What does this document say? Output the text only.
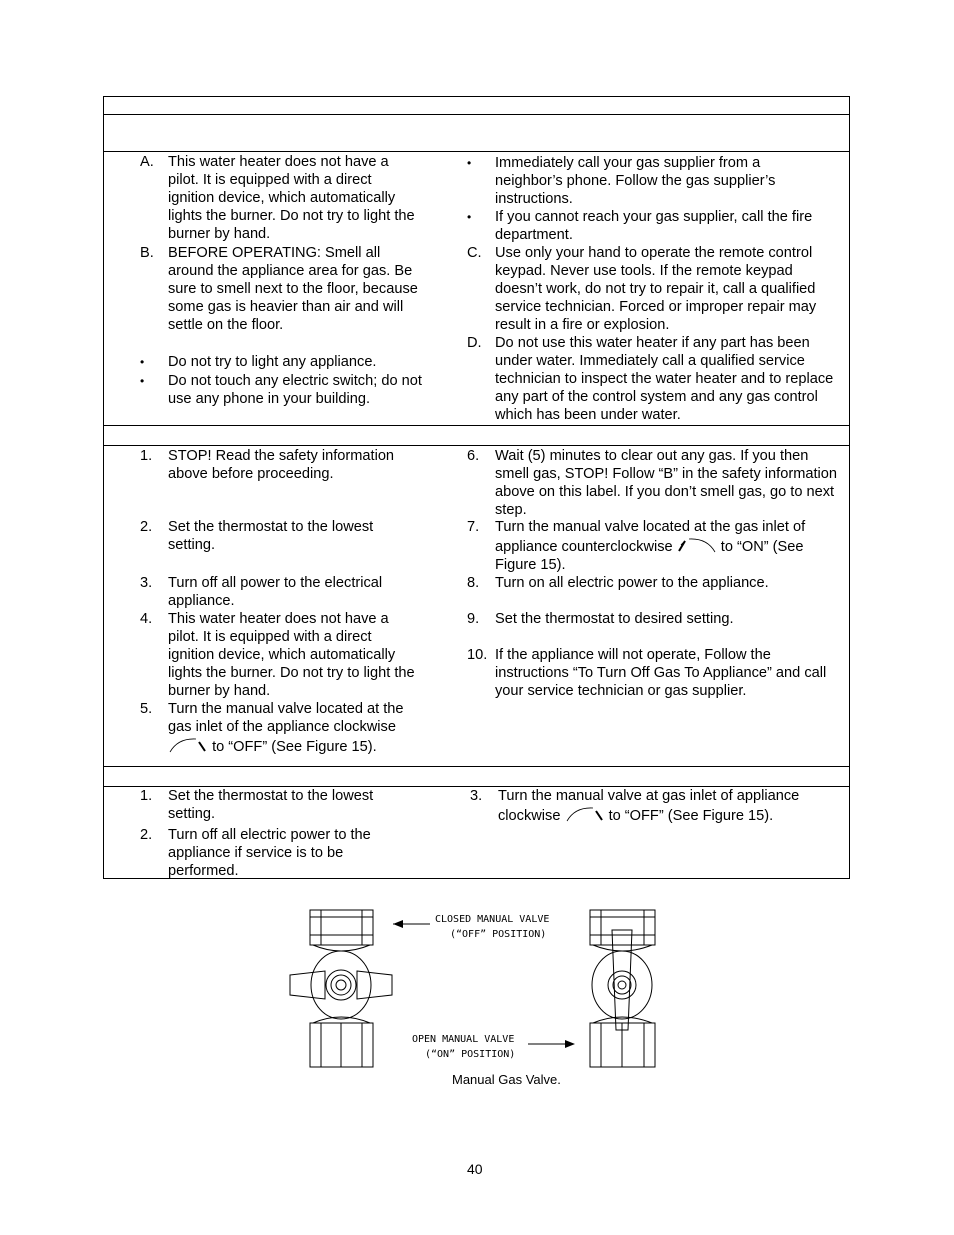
A. This water heater does not have a pilot. It is equipped with a direct ignition device, which automatically lights the burner. Do not try to light the burner by hand.
B. BEFORE OPERATING: Smell all around the appliance area for gas. Be sure to smell next to the floor, because some gas is heavier than air and will settle on the floor.
• Do not try to light any appliance.
• Do not touch any electric switch; do not use any phone in your building.
• Immediately call your gas supplier from a neighbor’s phone. Follow the gas supplier’s instructions.
• If you cannot reach your gas supplier, call the fire department.
C. Use only your hand to operate the remote control keypad. Never use tools. If the remote keypad doesn’t work, do not try to repair it, call a qualified service technician. Forced or improper repair may result in a fire or explosion.
D. Do not use this water heater if any part has been under water. Immediately call a qualified service technician to inspect the water heater and to replace any part of the control system and any gas control which has been under water.
1.	STOP! Read the safety information above before proceeding.
2.	Set the thermostat to the lowest setting.
3.	Turn off all power to the electrical appliance.
4.	This water heater does not have a pilot. It is equipped with a direct ignition device, which automatically lights the burner. Do not try to light the burner by hand.
5.	Turn the manual valve located at the gas inlet of the appliance clockwise
to “OFF” (See Figure 15).
6.	Wait (5) minutes to clear out any gas. If you then smell gas, STOP! Follow “B” in the safety information above on this label. If you don’t smell gas, go to next step.
7.	Turn the manual valve located at the gas inlet of
appliance counterclockwise	to “ON” (See
Figure 15).
8.	Turn on all electric power to the appliance.
9.	Set the thermostat to desired setting.
10. If the appliance will not operate, Follow the instructions “To Turn Off Gas To Appliance” and call your service technician or gas supplier.
1.	Set the thermostat to the lowest setting.
2.	Turn off all electric power to the appliance if service is to be performed.
3.	Turn the manual valve at gas inlet of appliance
clockwise	to “OFF” (See Figure 15).
CLOSED MANUAL VALVE
(“OFF” POSITION)
OPEN MANUAL VALVE
(“ON” POSITION)
Manual Gas Valve.
40
